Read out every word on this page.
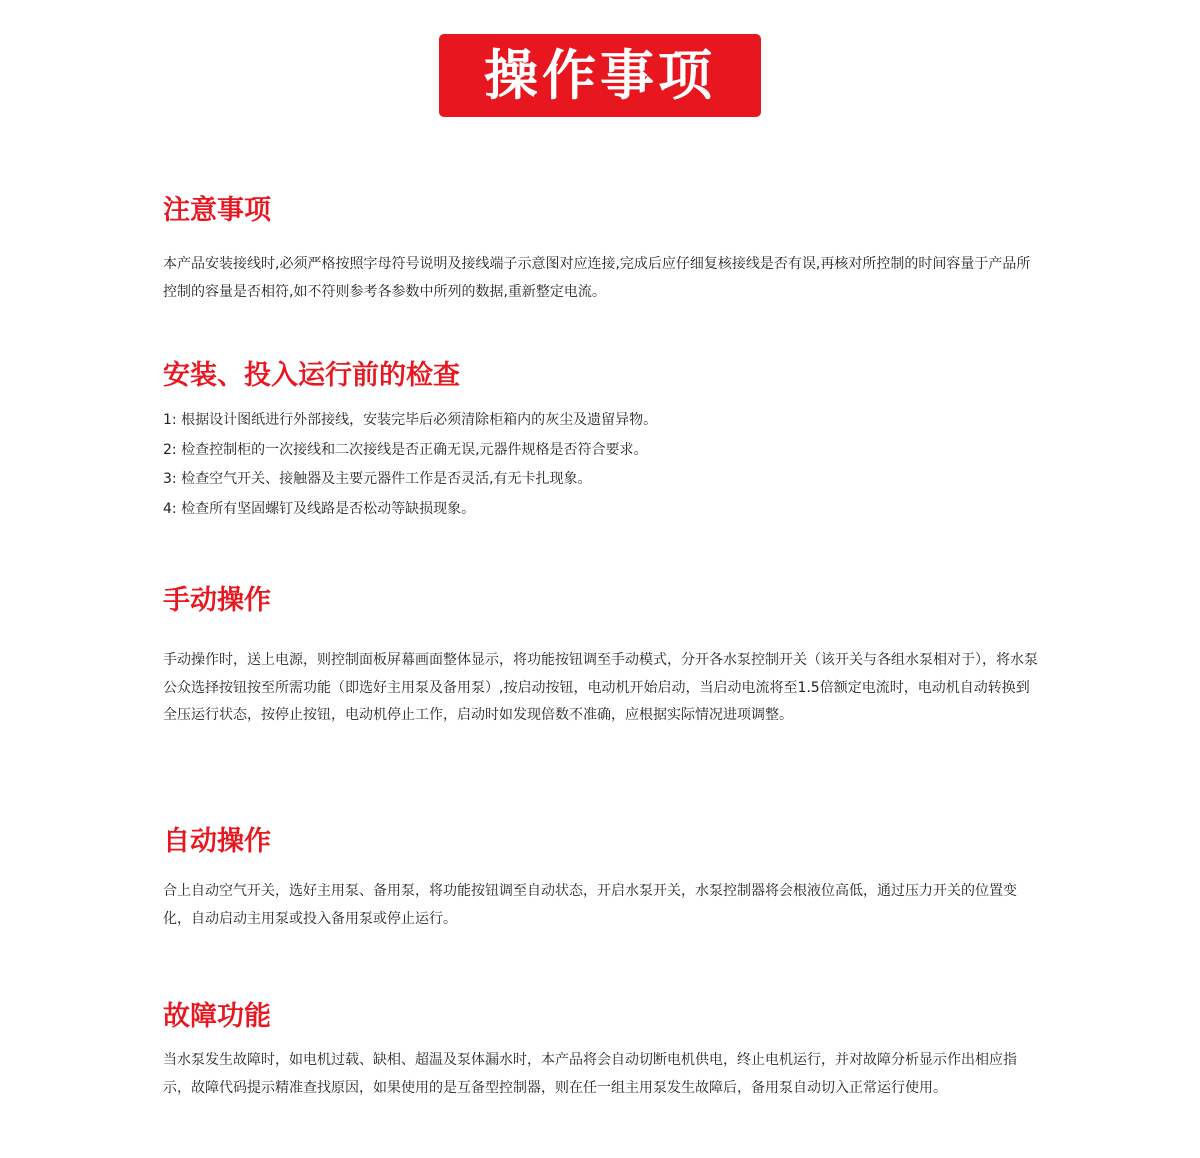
操作事项
注意事项

本产品安装接线时,必须严格按照字母符号说明及接线端子示意图对应连接,完成后应仔细复核接线是否有误,再核对所控制的时间容量于产品所控制的容量是否相符,如不符则参考各参数中所列的数据,重新整定电流。

安装、投入运行前的检查
1: 根据设计图纸进行外部接线，安装完毕后必须清除柜箱内的灰尘及遗留异物。
2: 检查控制柜的一次接线和二次接线是否正确无误,元器件规格是否符合要求。
3: 检查空气开关、接触器及主要元器件工作是否灵活,有无卡扎现象。
4: 检查所有坚固螺钉及线路是否松动等缺损现象。
手动操作

手动操作时，送上电源，则控制面板屏幕画面整体显示，将功能按钮调至手动模式，分开各水泵控制开关（该开关与各组水泵相对于），将水泵公众选择按钮按至所需功能（即选好主用泵及备用泵）,按启动按钮，电动机开始启动，当启动电流将至1.5倍额定电流时，电动机自动转换到全压运行状态，按停止按钮，电动机停止工作，启动时如发现倍数不准确，应根据实际情况进项调整。

自动操作

合上自动空气开关，选好主用泵、备用泵，将功能按钮调至自动状态，开启水泵开关，水泵控制器将会根液位高低，通过压力开关的位置变化，自动启动主用泵或投入备用泵或停止运行。

故障功能

当水泵发生故障时，如电机过载、缺相、超温及泵体漏水时，本产品将会自动切断电机供电，终止电机运行，并对故障分析显示作出相应指示，故障代码提示精准查找原因，如果使用的是互备型控制器，则在任一组主用泵发生故障后，备用泵自动切入正常运行使用。
